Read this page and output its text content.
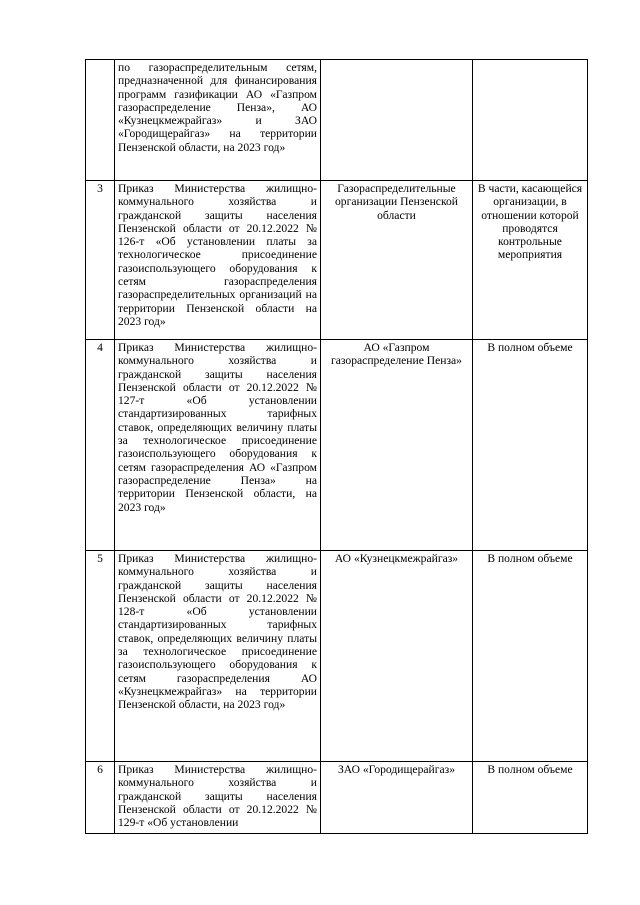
	по газораспределительным сетям, предназначенной для финансирования программ газификации АО «Газпром газораспределение Пенза», АО «Кузнецкмежрайгаз» и ЗАО «Городищерайгаз» на территории Пензенской области, на 2023 год»		
3	Приказ Министерства жилищно-коммунального хозяйства и гражданской защиты населения Пензенской области от 20.12.2022 № 126-т «Об установлении платы за технологическое присоединение газоиспользующего оборудования к сетям газораспределения газораспределительных организаций на территории Пензенской области на 2023 год»	Газораспределительные организации Пензенской области	В части, касающейся организации, в отношении которой проводятся контрольные мероприятия
4	Приказ Министерства жилищно-коммунального хозяйства и гражданской защиты населения Пензенской области от 20.12.2022 № 127-т «Об установлении стандартизированных тарифных ставок, определяющих величину платы за технологическое присоединение газоиспользующего оборудования к сетям газораспределения АО «Газпром газораспределение Пенза» на территории Пензенской области, на 2023 год»	АО «Газпром газораспределение Пенза»	В полном объеме
5	Приказ Министерства жилищно-коммунального хозяйства и гражданской защиты населения Пензенской области от 20.12.2022 № 128-т «Об установлении стандартизированных тарифных ставок, определяющих величину платы за технологическое присоединение газоиспользующего оборудования к сетям газораспределения АО «Кузнецкмежрайгаз» на территории Пензенской области, на 2023 год»	АО «Кузнецкмежрайгаз»	В полном объеме
6	Приказ Министерства жилищно-коммунального хозяйства и гражданской защиты населения Пензенской области от 20.12.2022 № 129-т «Об установлении	ЗАО «Городищерайгаз»	В полном объеме
